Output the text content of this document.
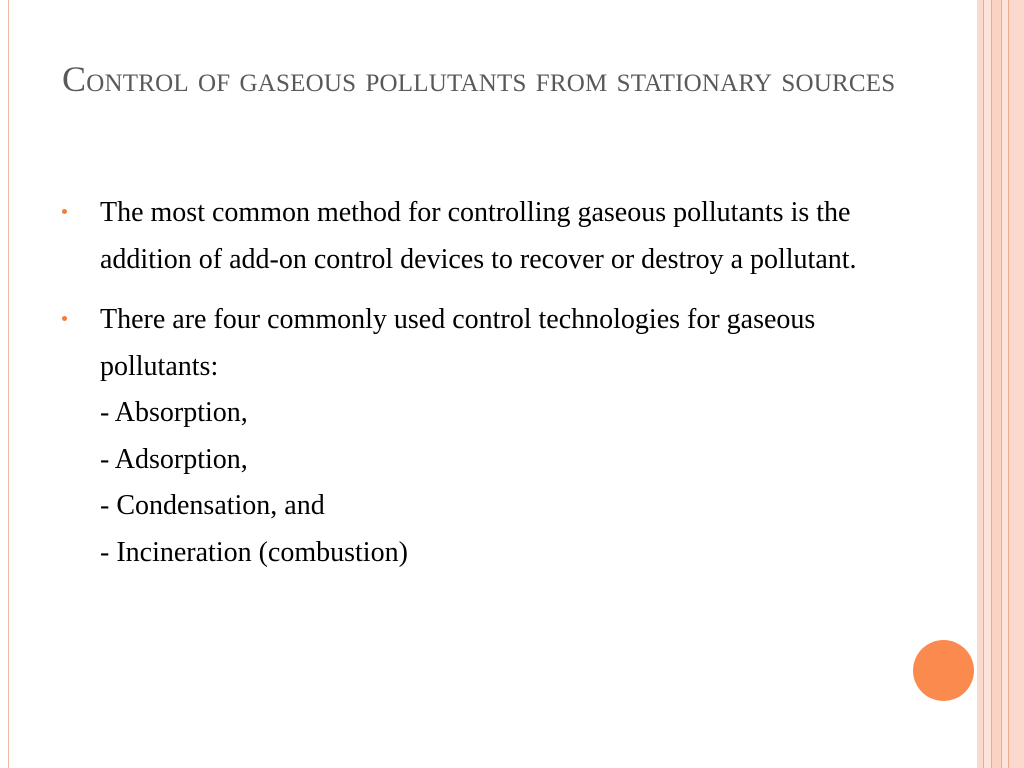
Control of gaseous pollutants from stationary sources
The most common method for controlling gaseous pollutants is the addition of add-on control devices to recover or destroy a pollutant.
There are four commonly used control technologies for gaseous pollutants:
- Absorption,
- Adsorption,
- Condensation, and
- Incineration (combustion)
